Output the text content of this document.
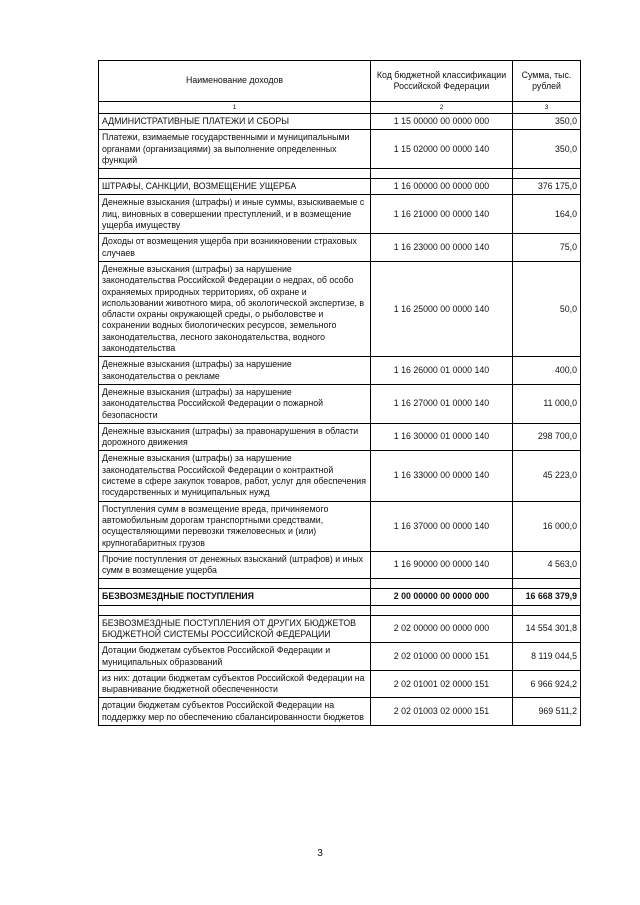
Наименование доходов	Код бюджетной классификации Российской Федерации	Сумма, тыс. рублей
1	2	3
АДМИНИСТРАТИВНЫЕ ПЛАТЕЖИ И СБОРЫ	1 15 00000 00 0000 000	350,0
Платежи, взимаемые государственными и муниципальными органами (организациями) за выполнение определенных функций	1 15 02000 00 0000 140	350,0

ШТРАФЫ, САНКЦИИ, ВОЗМЕЩЕНИЕ УЩЕРБА	1 16 00000 00 0000 000	376 175,0
Денежные взыскания (штрафы) и иные суммы, взыскиваемые с лиц, виновных в совершении преступлений, и в возмещение ущерба имуществу	1 16 21000 00 0000 140	164,0
Доходы от возмещения ущерба при возникновении страховых случаев	1 16 23000 00 0000 140	75,0
Денежные взыскания (штрафы) за нарушение законодательства Российской Федерации о недрах, об особо охраняемых природных территориях, об охране и использовании животного мира, об экологической экспертизе, в области охраны окружающей среды, о рыболовстве и сохранении водных биологических ресурсов, земельного законодательства, лесного законодательства, водного законодательства	1 16 25000 00 0000 140	50,0
Денежные взыскания (штрафы) за нарушение законодательства о рекламе	1 16 26000 01 0000 140	400,0
Денежные взыскания (штрафы) за нарушение законодательства Российской Федерации о пожарной безопасности	1 16 27000 01 0000 140	11 000,0
Денежные взыскания (штрафы) за правонарушения в области дорожного движения	1 16 30000 01 0000 140	298 700,0
Денежные взыскания (штрафы) за нарушение законодательства Российской Федерации о контрактной системе в сфере закупок товаров, работ, услуг для обеспечения государственных и муниципальных нужд	1 16 33000 00 0000 140	45 223,0
Поступления сумм в возмещение вреда, причиняемого автомобильным дорогам транспортными средствами, осуществляющими перевозки тяжеловесных и (или) крупногабаритных грузов	1 16 37000 00 0000 140	16 000,0
Прочие поступления от денежных взысканий (штрафов) и иных сумм в возмещение ущерба	1 16 90000 00 0000 140	4 563,0

БЕЗВОЗМЕЗДНЫЕ ПОСТУПЛЕНИЯ	2 00 00000 00 0000 000	16 668 379,9

БЕЗВОЗМЕЗДНЫЕ ПОСТУПЛЕНИЯ ОТ ДРУГИХ БЮДЖЕТОВ БЮДЖЕТНОЙ СИСТЕМЫ РОССИЙСКОЙ ФЕДЕРАЦИИ	2 02 00000 00 0000 000	14 554 301,8
Дотации бюджетам субъектов Российской Федерации и муниципальных образований	2 02 01000 00 0000 151	8 119 044,5
из них: дотации бюджетам субъектов Российской Федерации на выравнивание бюджетной обеспеченности	2 02 01001 02 0000 151	6 966 924,2
дотации бюджетам субъектов Российской Федерации на поддержку мер по обеспечению сбалансированности бюджетов	2 02 01003 02 0000 151	969 511,2
3
